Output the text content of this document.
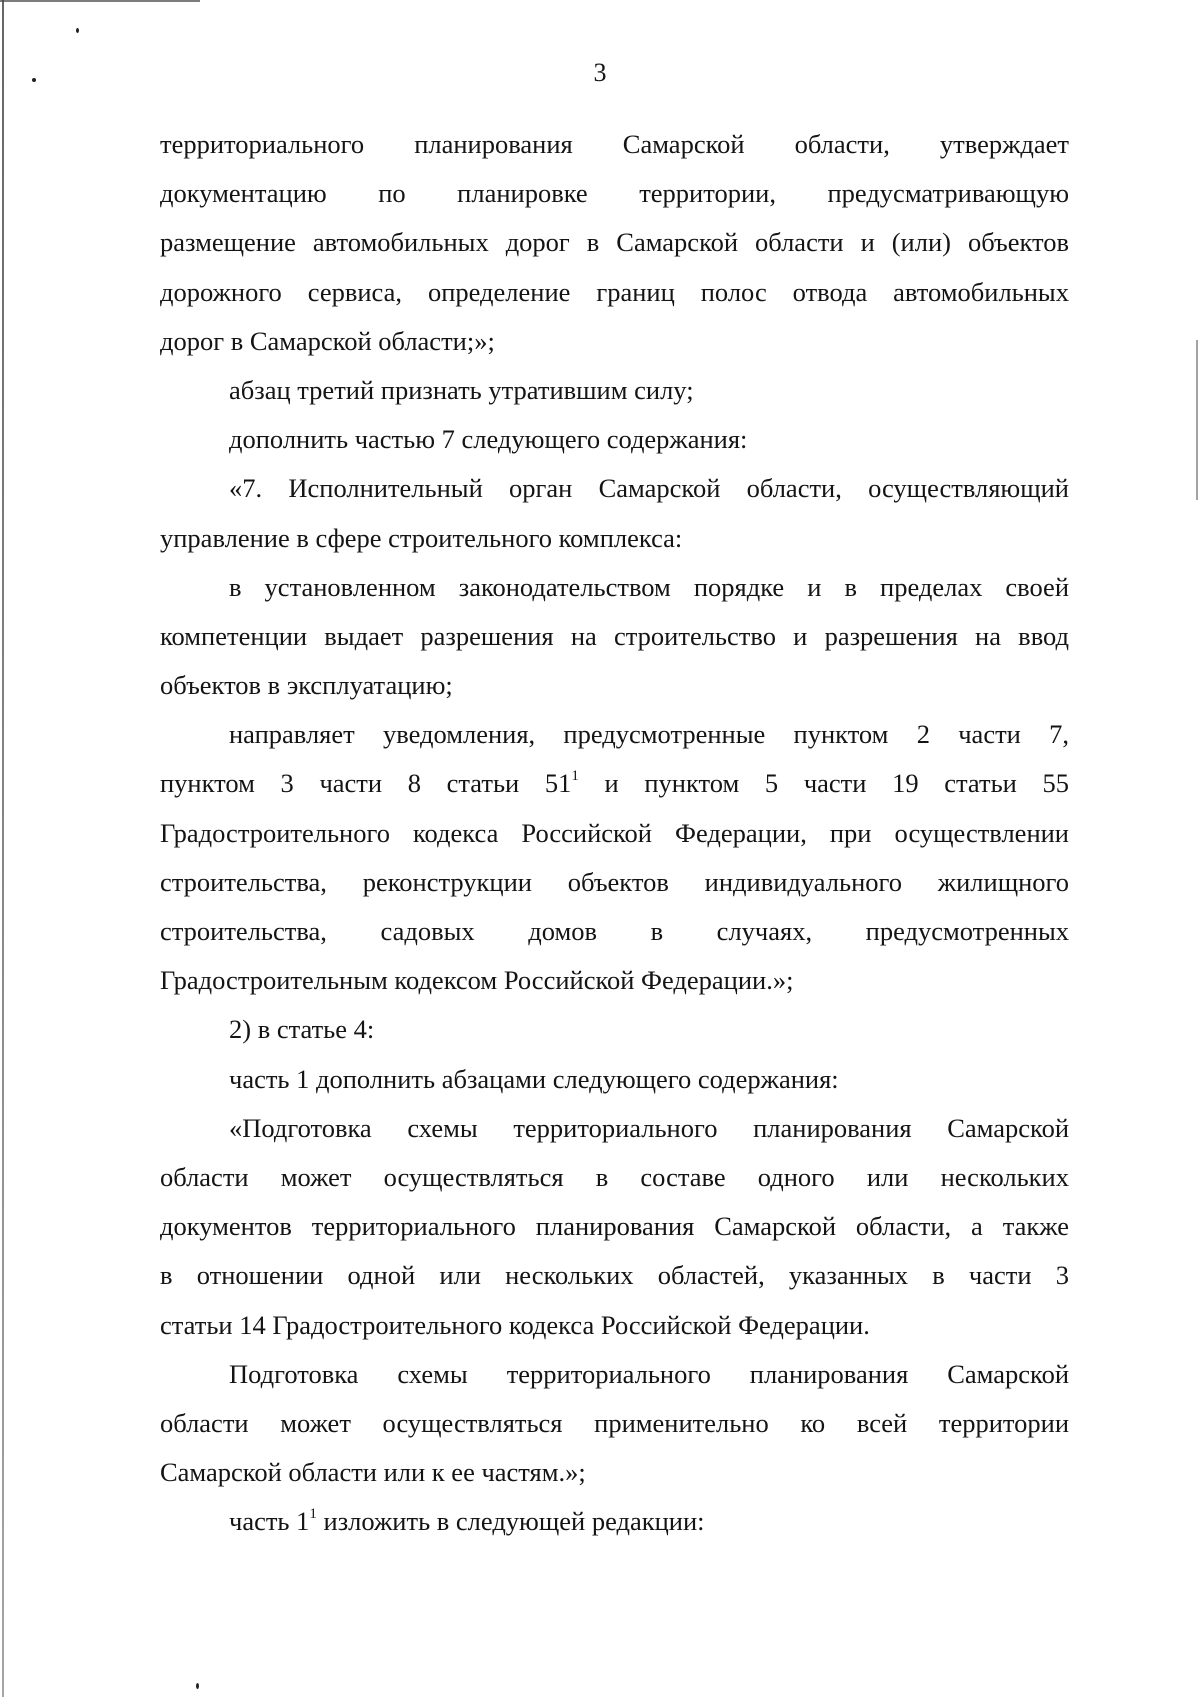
3
территориального планирования Самарской области, утверждает
документацию по планировке территории, предусматривающую
размещение автомобильных дорог в Самарской области и (или) объектов
дорожного сервиса, определение границ полос отвода автомобильных
дорог в Самарской области;»;
абзац третий признать утратившим силу;
дополнить частью 7 следующего содержания:
«7. Исполнительный орган Самарской области, осуществляющий
управление в сфере строительного комплекса:
в установленном законодательством порядке и в пределах своей
компетенции выдает разрешения на строительство и разрешения на ввод
объектов в эксплуатацию;
направляет уведомления, предусмотренные пунктом 2 части 7,
пунктом 3 части 8 статьи $51^1$ и пунктом 5 части 19 статьи 55
Градостроительного кодекса Российской Федерации, при осуществлении
строительства, реконструкции объектов индивидуального жилищного
строительства, садовых домов в случаях, предусмотренных
Градостроительным кодексом Российской Федерации.»;
2) в статье 4:
часть 1 дополнить абзацами следующего содержания:
«Подготовка схемы территориального планирования Самарской
области может осуществляться в составе одного или нескольких
документов территориального планирования Самарской области, а также
в отношении одной или нескольких областей, указанных в части 3
статьи 14 Градостроительного кодекса Российской Федерации.
Подготовка схемы территориального планирования Самарской
области может осуществляться применительно ко всей территории
Самарской области или к ее частям.»;
часть $1^1$ изложить в следующей редакции:
